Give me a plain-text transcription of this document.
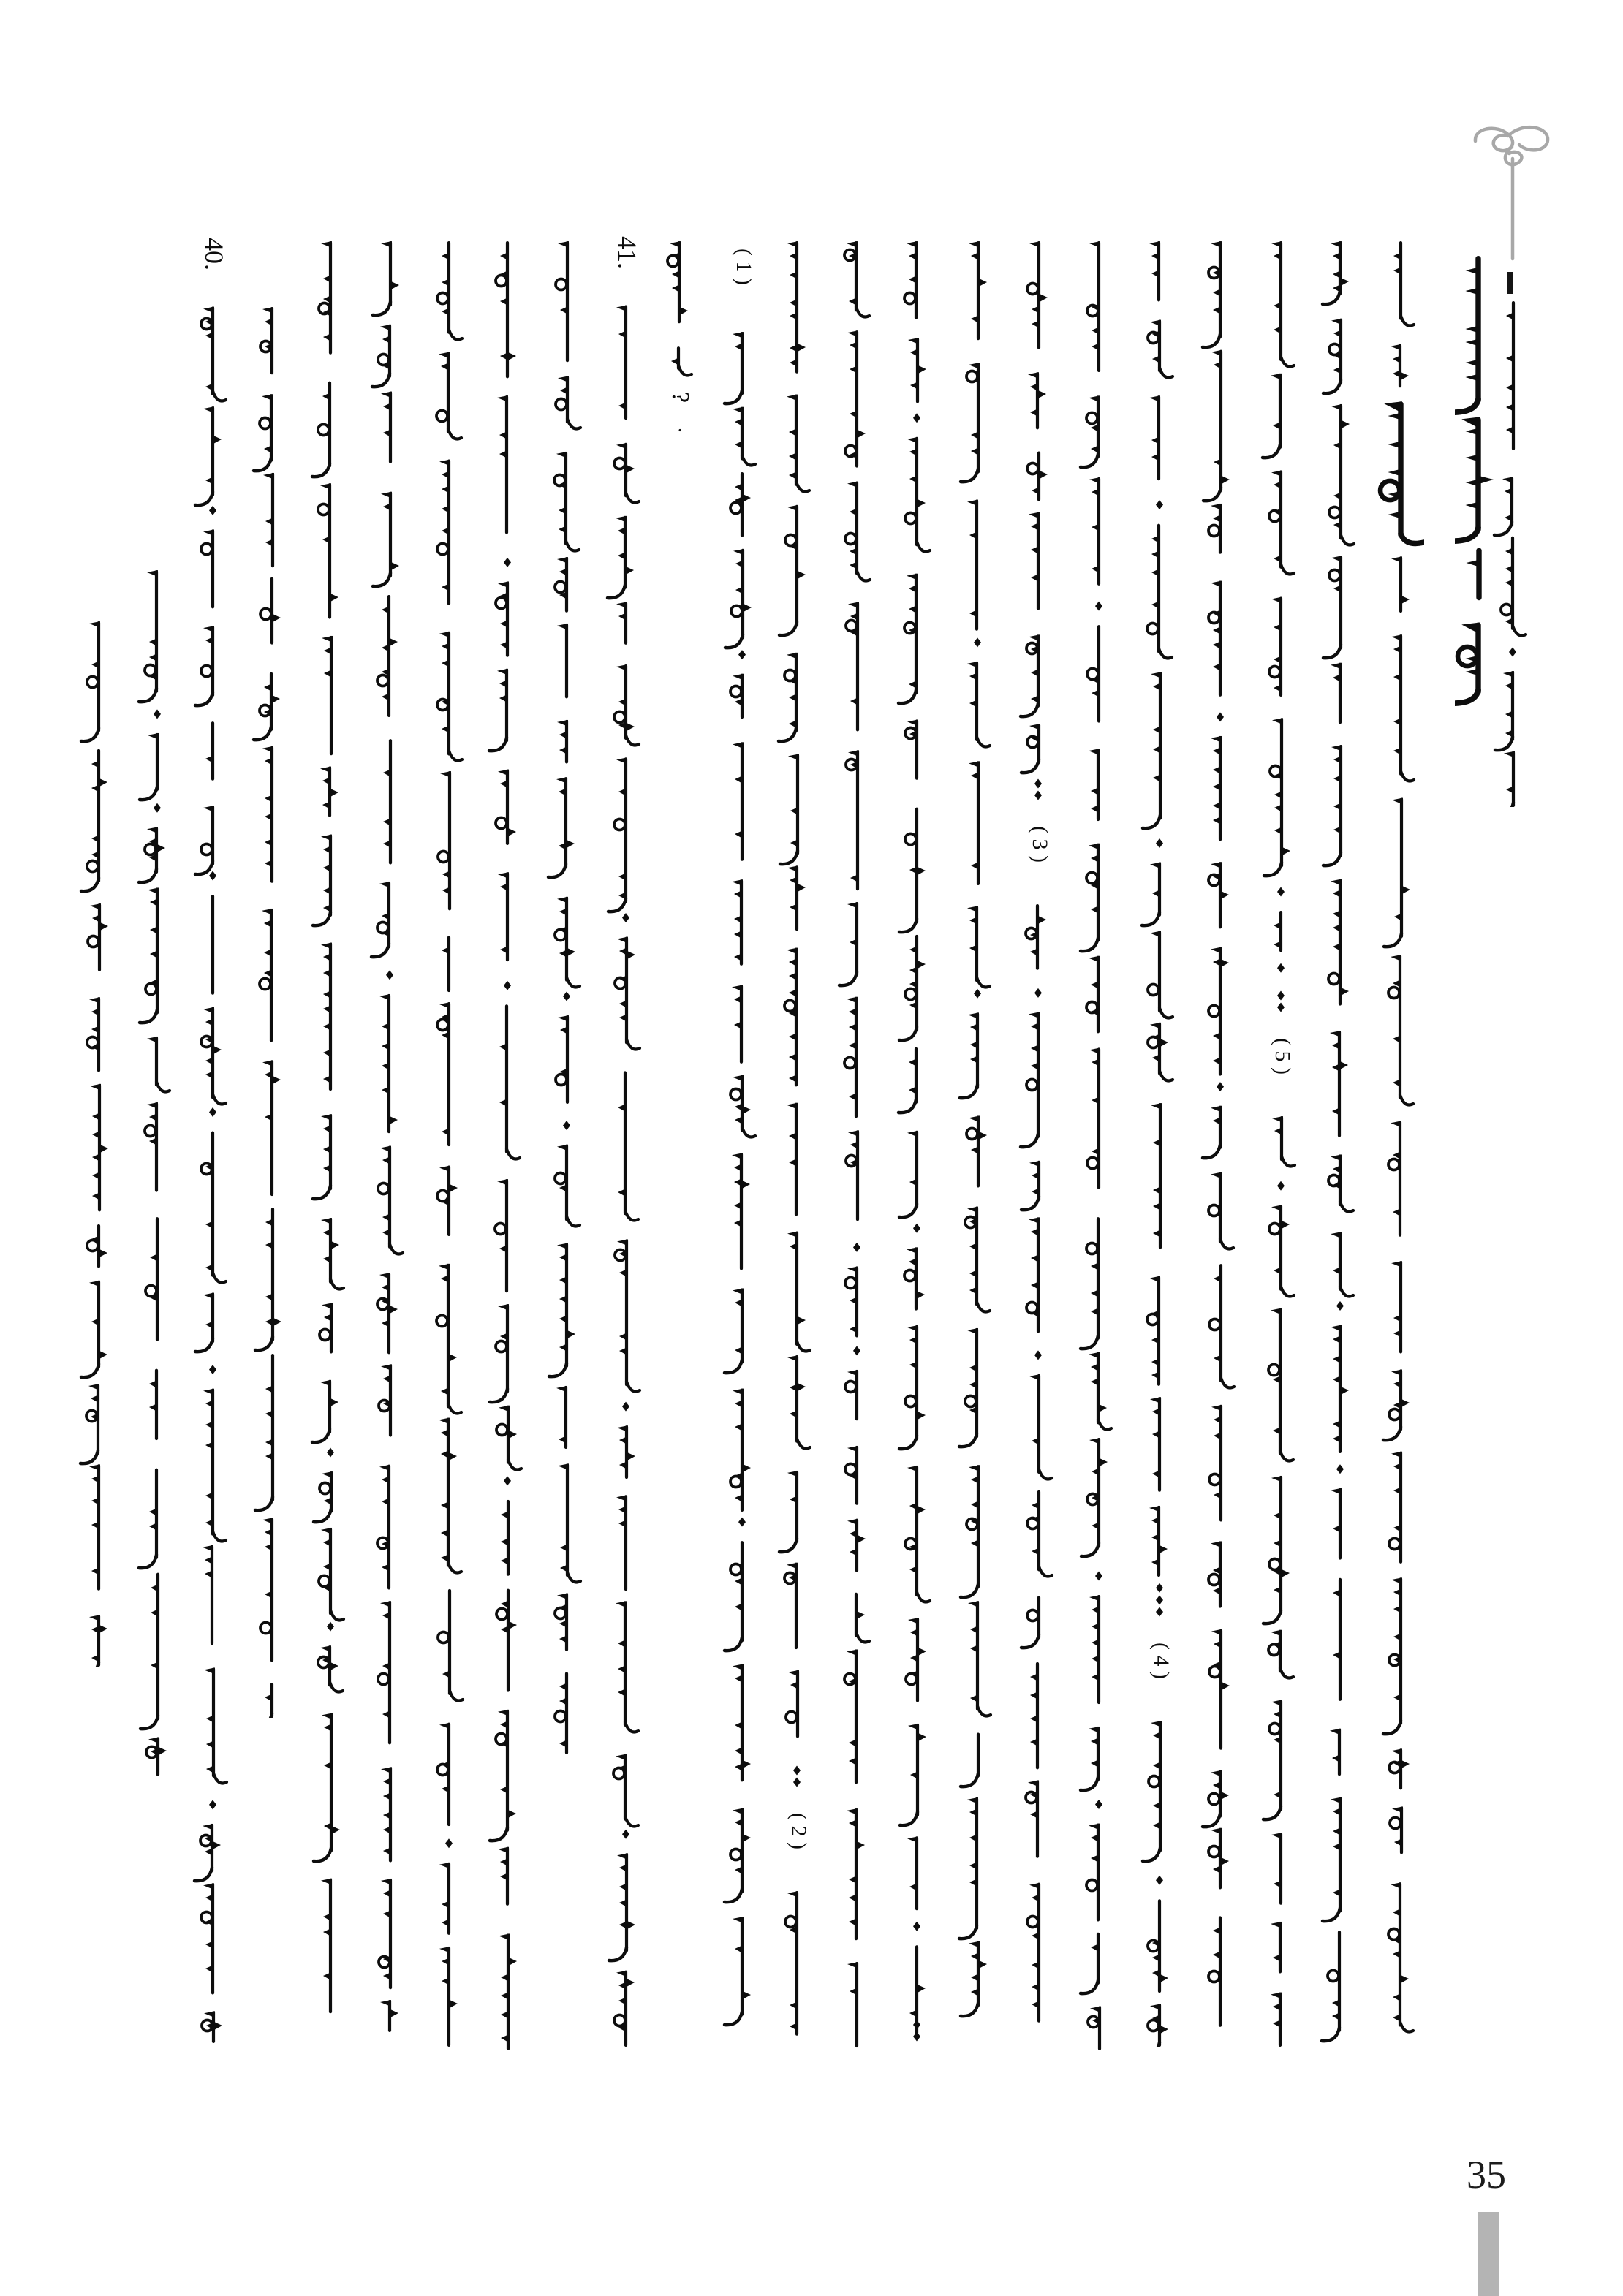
40.	41.
?
·
( 1 )
( 2 )
( 3 )
( 4 )
( 5 )
·
35
